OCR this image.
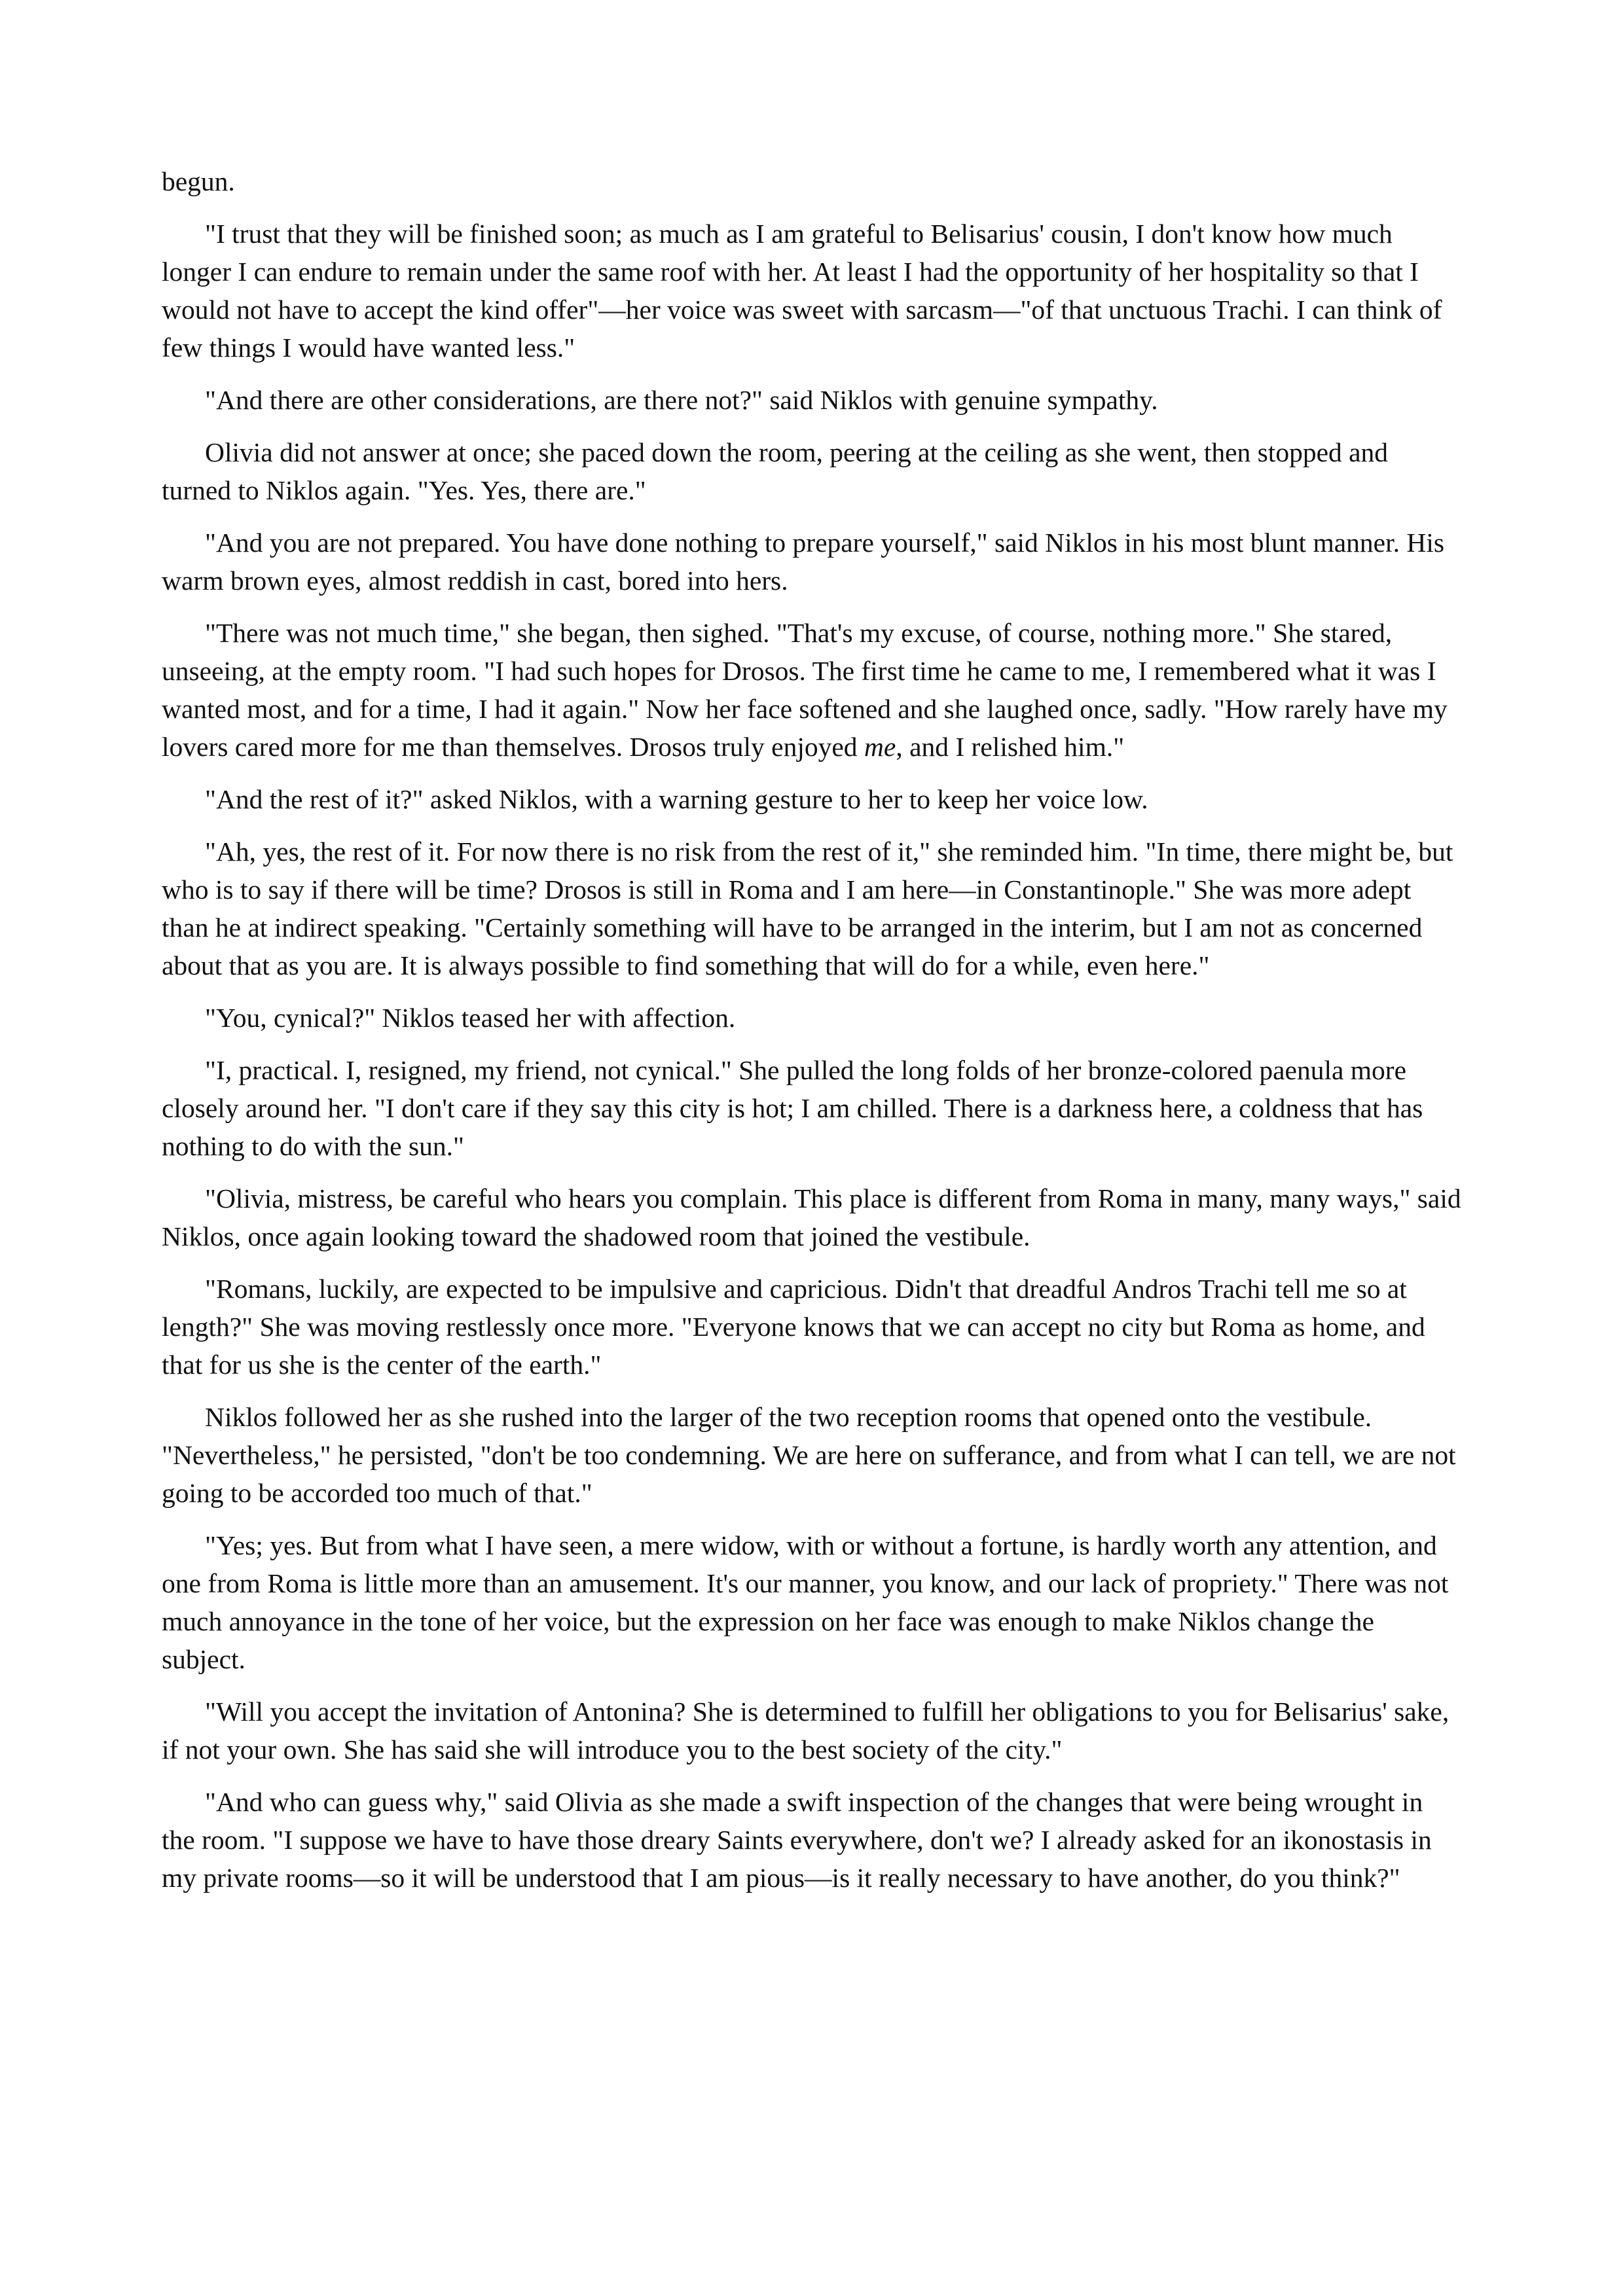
begun.

"I trust that they will be finished soon; as much as I am grateful to Belisarius' cousin, I don't know how much longer I can endure to remain under the same roof with her. At least I had the opportunity of her hospitality so that I would not have to accept the kind offer"—her voice was sweet with sarcasm—"of that unctuous Trachi. I can think of few things I would have wanted less."

"And there are other considerations, are there not?" said Niklos with genuine sympathy.

Olivia did not answer at once; she paced down the room, peering at the ceiling as she went, then stopped and turned to Niklos again. "Yes. Yes, there are."

"And you are not prepared. You have done nothing to prepare yourself," said Niklos in his most blunt manner. His warm brown eyes, almost reddish in cast, bored into hers.

"There was not much time," she began, then sighed. "That's my excuse, of course, nothing more." She stared, unseeing, at the empty room. "I had such hopes for Drosos. The first time he came to me, I remembered what it was I wanted most, and for a time, I had it again." Now her face softened and she laughed once, sadly. "How rarely have my lovers cared more for me than themselves. Drosos truly enjoyed me, and I relished him."

"And the rest of it?" asked Niklos, with a warning gesture to her to keep her voice low.

"Ah, yes, the rest of it. For now there is no risk from the rest of it," she reminded him. "In time, there might be, but who is to say if there will be time? Drosos is still in Roma and I am here—in Constantinople." She was more adept than he at indirect speaking. "Certainly something will have to be arranged in the interim, but I am not as concerned about that as you are. It is always possible to find something that will do for a while, even here."

"You, cynical?" Niklos teased her with affection.

"I, practical. I, resigned, my friend, not cynical." She pulled the long folds of her bronze-colored paenula more closely around her. "I don't care if they say this city is hot; I am chilled. There is a darkness here, a coldness that has nothing to do with the sun."

"Olivia, mistress, be careful who hears you complain. This place is different from Roma in many, many ways," said Niklos, once again looking toward the shadowed room that joined the vestibule.

"Romans, luckily, are expected to be impulsive and capricious. Didn't that dreadful Andros Trachi tell me so at length?" She was moving restlessly once more. "Everyone knows that we can accept no city but Roma as home, and that for us she is the center of the earth."

Niklos followed her as she rushed into the larger of the two reception rooms that opened onto the vestibule. "Nevertheless," he persisted, "don't be too condemning. We are here on sufferance, and from what I can tell, we are not going to be accorded too much of that."

"Yes; yes. But from what I have seen, a mere widow, with or without a fortune, is hardly worth any attention, and one from Roma is little more than an amusement. It's our manner, you know, and our lack of propriety." There was not much annoyance in the tone of her voice, but the expression on her face was enough to make Niklos change the subject.

"Will you accept the invitation of Antonina? She is determined to fulfill her obligations to you for Belisarius' sake, if not your own. She has said she will introduce you to the best society of the city."

"And who can guess why," said Olivia as she made a swift inspection of the changes that were being wrought in the room. "I suppose we have to have those dreary Saints everywhere, don't we? I already asked for an ikonostasis in my private rooms—so it will be understood that I am pious—is it really necessary to have another, do you think?"
